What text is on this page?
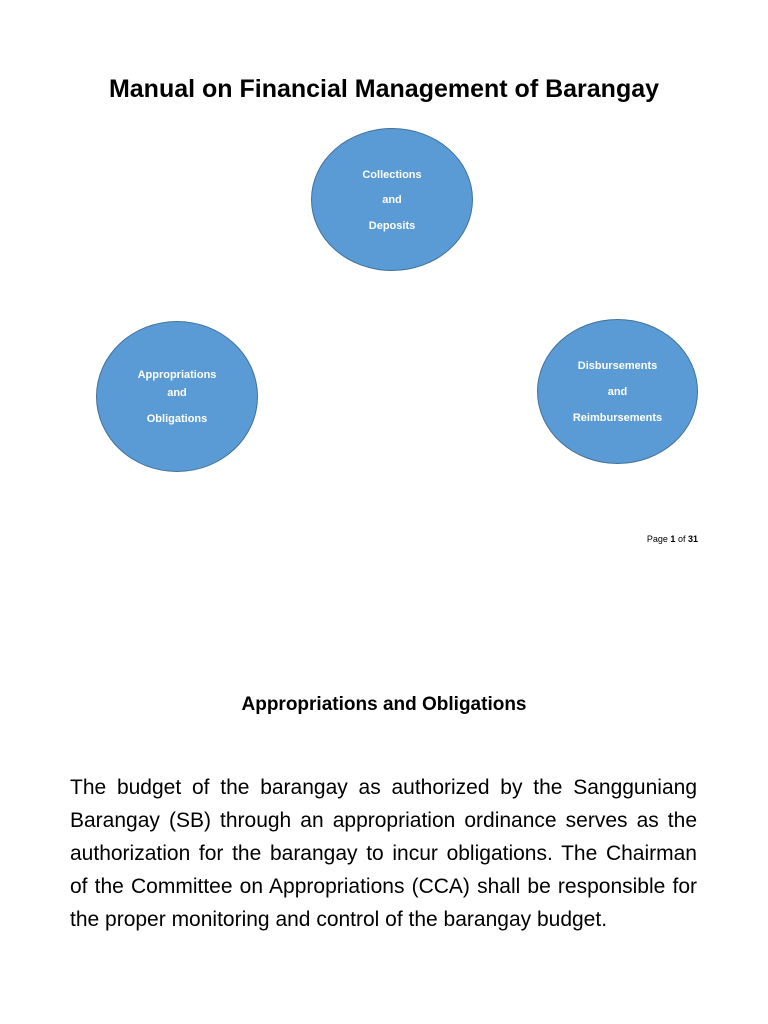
Manual on Financial Management of Barangay
Collections
and
Deposits
Appropriations
and
Obligations
Disbursements
and
Reimbursements
Page 1 of 31
Appropriations and Obligations

The budget of the barangay as authorized by the Sangguniang Barangay (SB) through an appropriation ordinance serves as the authorization for the barangay to incur obligations. The Chairman of the Committee on Appropriations (CCA) shall be responsible for the proper monitoring and control of the barangay budget.
